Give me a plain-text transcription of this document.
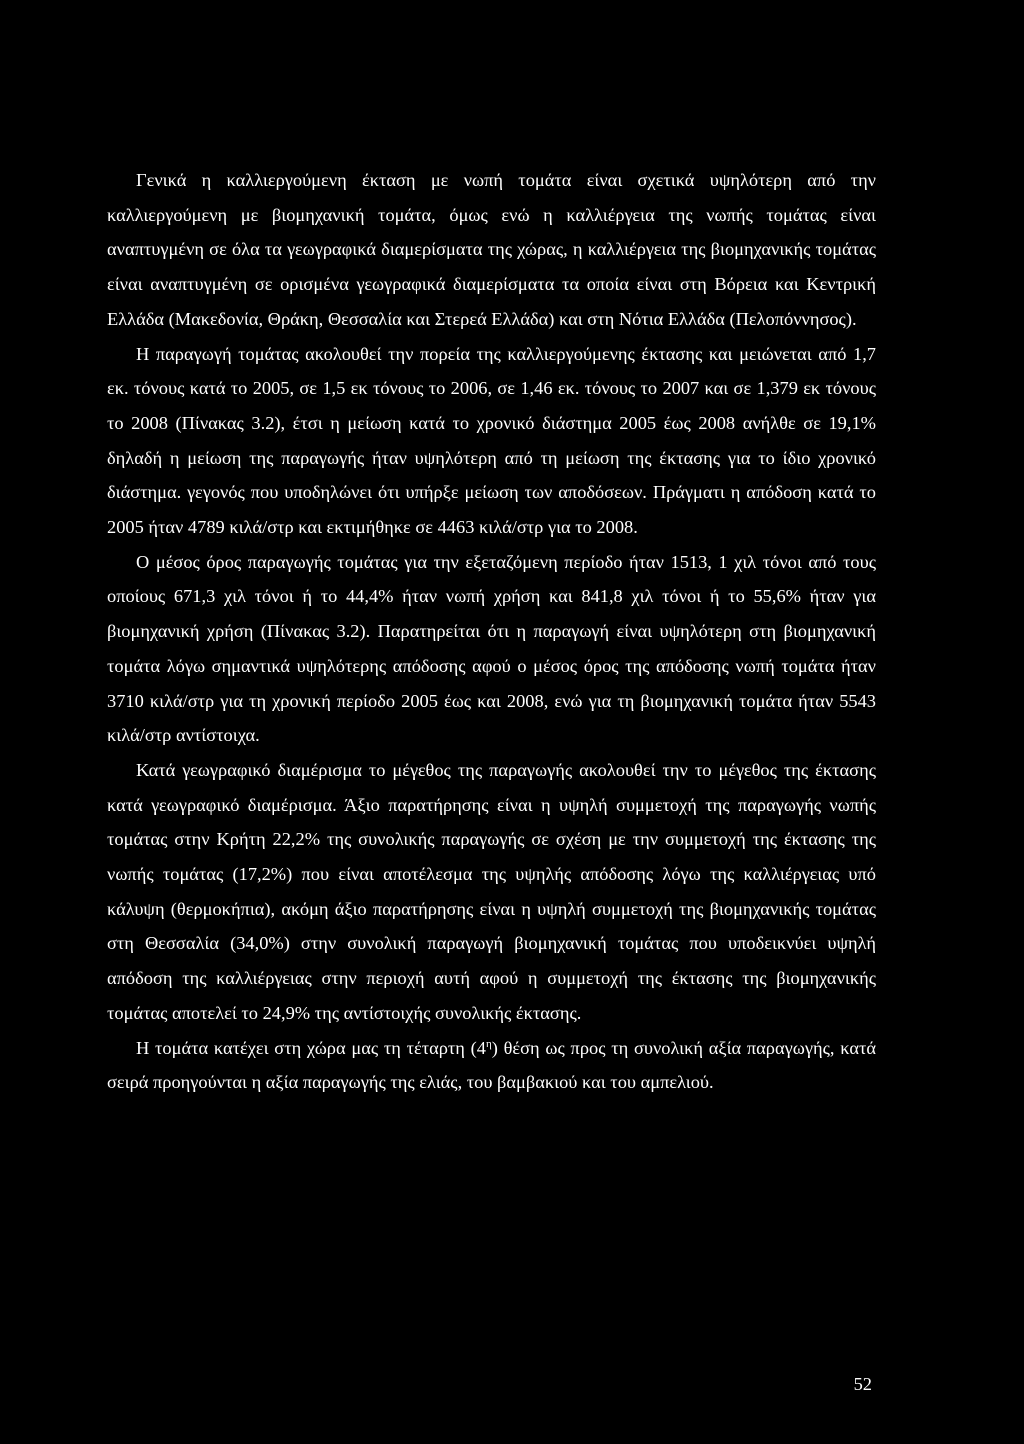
Γενικά η καλλιεργούμενη έκταση με νωπή τομάτα είναι σχετικά υψηλότερη από την καλλιεργούμενη με βιομηχανική τομάτα, όμως ενώ η καλλιέργεια της νωπής τομάτας είναι αναπτυγμένη σε όλα τα γεωγραφικά διαμερίσματα της χώρας, η καλλιέργεια της βιομηχανικής τομάτας είναι αναπτυγμένη σε ορισμένα γεωγραφικά διαμερίσματα τα οποία είναι στη Βόρεια και Κεντρική Ελλάδα (Μακεδονία, Θράκη, Θεσσαλία και Στερεά Ελλάδα) και στη Νότια Ελλάδα (Πελοπόννησος).

Η παραγωγή τομάτας ακολουθεί την πορεία της καλλιεργούμενης έκτασης και μειώνεται από 1,7 εκ. τόνους κατά το 2005, σε 1,5 εκ τόνους το 2006, σε 1,46 εκ. τόνους το 2007 και σε 1,379 εκ τόνους το 2008 (Πίνακας 3.2), έτσι η μείωση κατά το χρονικό διάστημα 2005 έως 2008 ανήλθε σε 19,1% δηλαδή η μείωση της παραγωγής ήταν υψηλότερη από τη μείωση της έκτασης για το ίδιο χρονικό διάστημα. γεγονός που υποδηλώνει ότι υπήρξε μείωση των αποδόσεων. Πράγματι η απόδοση κατά το 2005 ήταν 4789 κιλά/στρ και εκτιμήθηκε σε 4463 κιλά/στρ για το 2008.

Ο μέσος όρος παραγωγής τομάτας για την εξεταζόμενη περίοδο ήταν 1513, 1 χιλ τόνοι από τους οποίους 671,3 χιλ τόνοι ή το 44,4% ήταν νωπή χρήση και 841,8 χιλ τόνοι ή το 55,6% ήταν για βιομηχανική χρήση (Πίνακας 3.2). Παρατηρείται ότι η παραγωγή είναι υψηλότερη στη βιομηχανική τομάτα λόγω σημαντικά υψηλότερης απόδοσης αφού ο μέσος όρος της απόδοσης νωπή τομάτα ήταν 3710 κιλά/στρ για τη χρονική περίοδο 2005 έως και 2008, ενώ για τη βιομηχανική τομάτα ήταν 5543 κιλά/στρ αντίστοιχα.

Κατά γεωγραφικό διαμέρισμα το μέγεθος της παραγωγής ακολουθεί την το μέγεθος της έκτασης κατά γεωγραφικό διαμέρισμα. Άξιο παρατήρησης είναι η υψηλή συμμετοχή της παραγωγής νωπής τομάτας στην Κρήτη 22,2% της συνολικής παραγωγής σε σχέση με την συμμετοχή της έκτασης της νωπής τομάτας (17,2%) που είναι αποτέλεσμα της υψηλής απόδοσης λόγω της καλλιέργειας υπό κάλυψη (θερμοκήπια), ακόμη άξιο παρατήρησης είναι η υψηλή συμμετοχή της βιομηχανικής τομάτας στη Θεσσαλία (34,0%) στην συνολική παραγωγή βιομηχανική τομάτας που υποδεικνύει υψηλή απόδοση της καλλιέργειας στην περιοχή αυτή αφού η συμμετοχή της έκτασης της βιομηχανικής τομάτας αποτελεί το 24,9% της αντίστοιχής συνολικής έκτασης.

Η τομάτα κατέχει στη χώρα μας τη τέταρτη (4$^\eta$) θέση ως προς τη συνολική αξία παραγωγής, κατά σειρά προηγούνται η αξία παραγωγής της ελιάς, του βαμβακιού και του αμπελιού.

52
